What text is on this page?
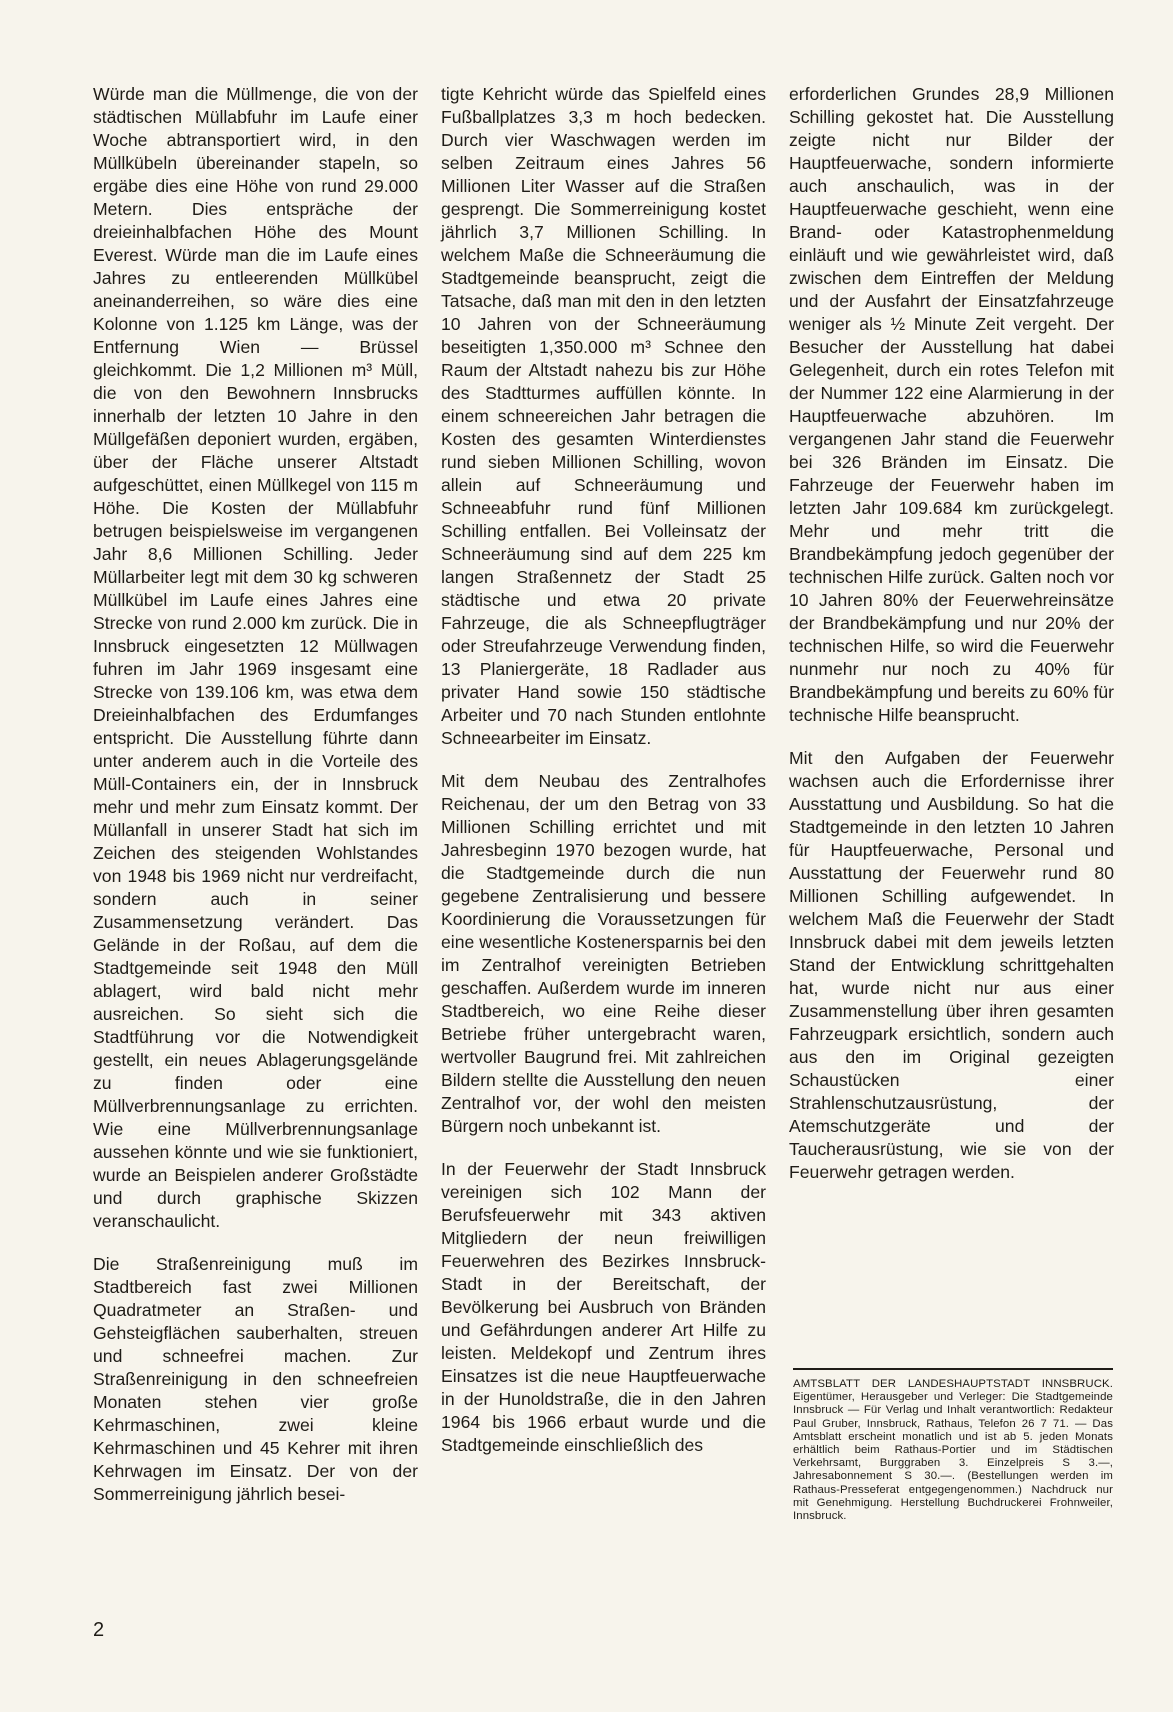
Würde man die Müllmenge, die von der städtischen Müllabfuhr im Laufe einer Woche abtransportiert wird, in den Müllkübeln übereinander stapeln, so ergäbe dies eine Höhe von rund 29.000 Metern. Dies entspräche der dreieinhalbfachen Höhe des Mount Everest. Würde man die im Laufe eines Jahres zu entleerenden Müllkübel aneinanderreihen, so wäre dies eine Kolonne von 1.125 km Länge, was der Entfernung Wien — Brüssel gleichkommt. Die 1,2 Millionen m³ Müll, die von den Bewohnern Innsbrucks innerhalb der letzten 10 Jahre in den Müllgefäßen deponiert wurden, ergäben, über der Fläche unserer Altstadt aufgeschüttet, einen Müllkegel von 115 m Höhe. Die Kosten der Müllabfuhr betrugen beispielsweise im vergangenen Jahr 8,6 Millionen Schilling. Jeder Müllarbeiter legt mit dem 30 kg schweren Müllkübel im Laufe eines Jahres eine Strecke von rund 2.000 km zurück. Die in Innsbruck eingesetzten 12 Müllwagen fuhren im Jahr 1969 insgesamt eine Strecke von 139.106 km, was etwa dem Dreieinhalbfachen des Erdumfanges entspricht. Die Ausstellung führte dann unter anderem auch in die Vorteile des Müll-Containers ein, der in Innsbruck mehr und mehr zum Einsatz kommt. Der Müllanfall in unserer Stadt hat sich im Zeichen des steigenden Wohlstandes von 1948 bis 1969 nicht nur verdreifacht, sondern auch in seiner Zusammensetzung verändert. Das Gelände in der Roßau, auf dem die Stadtgemeinde seit 1948 den Müll ablagert, wird bald nicht mehr ausreichen. So sieht sich die Stadtführung vor die Notwendigkeit gestellt, ein neues Ablagerungsgelände zu finden oder eine Müllverbrennungsanlage zu errichten. Wie eine Müllverbrennungsanlage aussehen könnte und wie sie funktioniert, wurde an Beispielen anderer Großstädte und durch graphische Skizzen veranschaulicht.

Die Straßenreinigung muß im Stadtbereich fast zwei Millionen Quadratmeter an Straßen- und Gehsteigflächen sauberhalten, streuen und schneefrei machen. Zur Straßenreinigung in den schneefreien Monaten stehen vier große Kehrmaschinen, zwei kleine Kehrmaschinen und 45 Kehrer mit ihren Kehrwagen im Einsatz. Der von der Sommerreinigung jährlich besei-

tigte Kehricht würde das Spielfeld eines Fußballplatzes 3,3 m hoch bedecken. Durch vier Waschwagen werden im selben Zeitraum eines Jahres 56 Millionen Liter Wasser auf die Straßen gesprengt. Die Sommerreinigung kostet jährlich 3,7 Millionen Schilling. In welchem Maße die Schneeräumung die Stadtgemeinde beansprucht, zeigt die Tatsache, daß man mit den in den letzten 10 Jahren von der Schneeräumung beseitigten 1,350.000 m³ Schnee den Raum der Altstadt nahezu bis zur Höhe des Stadtturmes auffüllen könnte. In einem schneereichen Jahr betragen die Kosten des gesamten Winterdienstes rund sieben Millionen Schilling, wovon allein auf Schneeräumung und Schneeabfuhr rund fünf Millionen Schilling entfallen. Bei Volleinsatz der Schneeräumung sind auf dem 225 km langen Straßennetz der Stadt 25 städtische und etwa 20 private Fahrzeuge, die als Schneepflugträger oder Streufahrzeuge Verwendung finden, 13 Planiergeräte, 18 Radlader aus privater Hand sowie 150 städtische Arbeiter und 70 nach Stunden entlohnte Schneearbeiter im Einsatz.

Mit dem Neubau des Zentralhofes Reichenau, der um den Betrag von 33 Millionen Schilling errichtet und mit Jahresbeginn 1970 bezogen wurde, hat die Stadtgemeinde durch die nun gegebene Zentralisierung und bessere Koordinierung die Voraussetzungen für eine wesentliche Kostenersparnis bei den im Zentralhof vereinigten Betrieben geschaffen. Außerdem wurde im inneren Stadtbereich, wo eine Reihe dieser Betriebe früher untergebracht waren, wertvoller Baugrund frei. Mit zahlreichen Bildern stellte die Ausstellung den neuen Zentralhof vor, der wohl den meisten Bürgern noch unbekannt ist.

In der Feuerwehr der Stadt Innsbruck vereinigen sich 102 Mann der Berufsfeuerwehr mit 343 aktiven Mitgliedern der neun freiwilligen Feuerwehren des Bezirkes Innsbruck-Stadt in der Bereitschaft, der Bevölkerung bei Ausbruch von Bränden und Gefährdungen anderer Art Hilfe zu leisten. Meldekopf und Zentrum ihres Einsatzes ist die neue Hauptfeuerwache in der Hunoldstraße, die in den Jahren 1964 bis 1966 erbaut wurde und die Stadtgemeinde einschließlich des

erforderlichen Grundes 28,9 Millionen Schilling gekostet hat. Die Ausstellung zeigte nicht nur Bilder der Hauptfeuerwache, sondern informierte auch anschaulich, was in der Hauptfeuerwache geschieht, wenn eine Brand- oder Katastrophenmeldung einläuft und wie gewährleistet wird, daß zwischen dem Eintreffen der Meldung und der Ausfahrt der Einsatzfahrzeuge weniger als ½ Minute Zeit vergeht. Der Besucher der Ausstellung hat dabei Gelegenheit, durch ein rotes Telefon mit der Nummer 122 eine Alarmierung in der Hauptfeuerwache abzuhören. Im vergangenen Jahr stand die Feuerwehr bei 326 Bränden im Einsatz. Die Fahrzeuge der Feuerwehr haben im letzten Jahr 109.684 km zurückgelegt. Mehr und mehr tritt die Brandbekämpfung jedoch gegenüber der technischen Hilfe zurück. Galten noch vor 10 Jahren 80% der Feuerwehreinsätze der Brandbekämpfung und nur 20% der technischen Hilfe, so wird die Feuerwehr nunmehr nur noch zu 40% für Brandbekämpfung und bereits zu 60% für technische Hilfe beansprucht.

Mit den Aufgaben der Feuerwehr wachsen auch die Erfordernisse ihrer Ausstattung und Ausbildung. So hat die Stadtgemeinde in den letzten 10 Jahren für Hauptfeuerwache, Personal und Ausstattung der Feuerwehr rund 80 Millionen Schilling aufgewendet. In welchem Maß die Feuerwehr der Stadt Innsbruck dabei mit dem jeweils letzten Stand der Entwicklung schrittgehalten hat, wurde nicht nur aus einer Zusammenstellung über ihren gesamten Fahrzeugpark ersichtlich, sondern auch aus den im Original gezeigten Schaustücken einer Strahlenschutzausrüstung, der Atemschutzgeräte und der Taucherausrüstung, wie sie von der Feuerwehr getragen werden.

AMTSBLATT DER LANDESHAUPTSTADT INNSBRUCK. Eigentümer, Herausgeber und Verleger: Die Stadtgemeinde Innsbruck — Für Verlag und Inhalt verantwortlich: Redakteur Paul Gruber, Innsbruck, Rathaus, Telefon 26 7 71. — Das Amtsblatt erscheint monatlich und ist ab 5. jeden Monats erhältlich beim Rathaus-Portier und im Städtischen Verkehrsamt, Burggraben 3. Einzelpreis S 3.—, Jahresabonnement S 30.—. (Bestellungen werden im Rathaus-Presseferat entgegengenommen.) Nachdruck nur mit Genehmigung. Herstellung Buchdruckerei Frohnweiler, Innsbruck.
2
